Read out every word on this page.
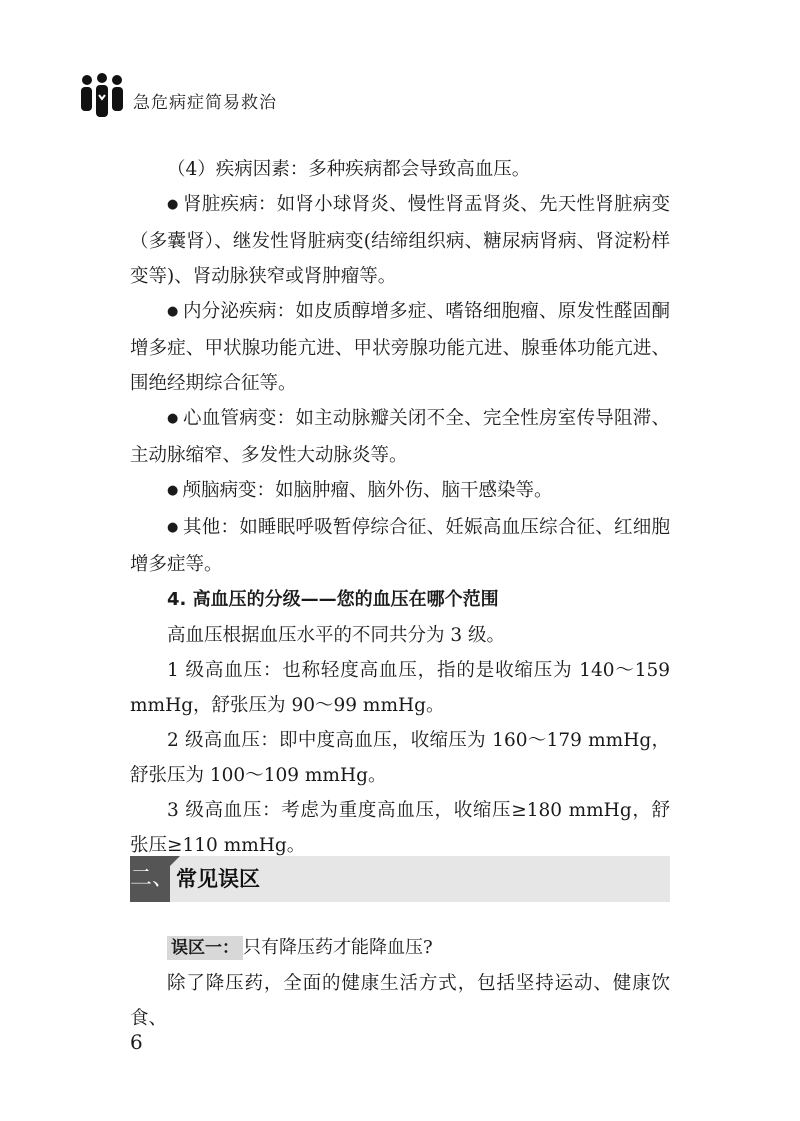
急危病症简易救治

（4）疾病因素：多种疾病都会导致高血压。

● 肾脏疾病：如肾小球肾炎、慢性肾盂肾炎、先天性肾脏病变（多囊肾）、继发性肾脏病变(结缔组织病、糖尿病肾病、肾淀粉样变等)、肾动脉狭窄或肾肿瘤等。

● 内分泌疾病：如皮质醇增多症、嗜铬细胞瘤、原发性醛固酮增多症、甲状腺功能亢进、甲状旁腺功能亢进、腺垂体功能亢进、围绝经期综合征等。

● 心血管病变：如主动脉瓣关闭不全、完全性房室传导阻滞、主动脉缩窄、多发性大动脉炎等。

● 颅脑病变：如脑肿瘤、脑外伤、脑干感染等。

● 其他：如睡眠呼吸暂停综合征、妊娠高血压综合征、红细胞增多症等。

4. 高血压的分级——您的血压在哪个范围

高血压根据血压水平的不同共分为 3 级。

1 级高血压：也称轻度高血压，指的是收缩压为 140～159 mmHg，舒张压为 90～99 mmHg。

2 级高血压：即中度高血压，收缩压为 160～179 mmHg，舒张压为 100～109 mmHg。

3 级高血压：考虑为重度高血压，收缩压≥180 mmHg，舒张压≥110 mmHg。

二、 常见误区

误区一： 只有降压药才能降血压?

除了降压药，全面的健康生活方式，包括坚持运动、健康饮食、

6
